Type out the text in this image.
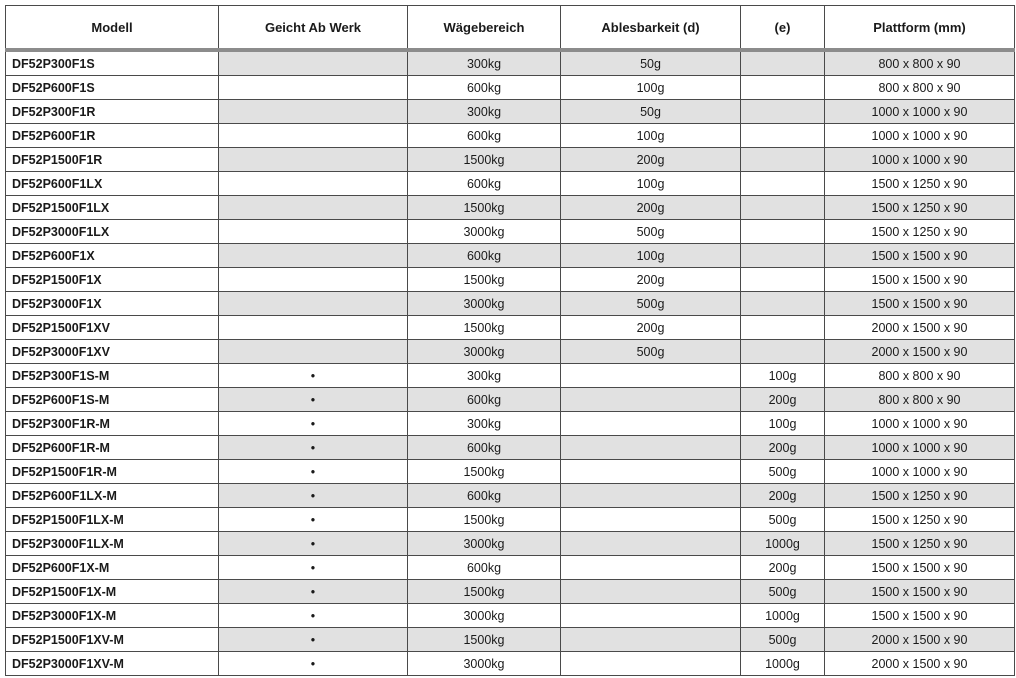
Modell	Geicht Ab Werk	Wägebereich	Ablesbarkeit (d)	(e)	Plattform (mm)
DF52P300F1S		300kg	50g		800 x 800 x 90
DF52P600F1S		600kg	100g		800 x 800 x 90
DF52P300F1R		300kg	50g		1000 x 1000 x 90
DF52P600F1R		600kg	100g		1000 x 1000 x 90
DF52P1500F1R		1500kg	200g		1000 x 1000 x 90
DF52P600F1LX		600kg	100g		1500 x 1250 x 90
DF52P1500F1LX		1500kg	200g		1500 x 1250 x 90
DF52P3000F1LX		3000kg	500g		1500 x 1250 x 90
DF52P600F1X		600kg	100g		1500 x 1500 x 90
DF52P1500F1X		1500kg	200g		1500 x 1500 x 90
DF52P3000F1X		3000kg	500g		1500 x 1500 x 90
DF52P1500F1XV		1500kg	200g		2000 x 1500 x 90
DF52P3000F1XV		3000kg	500g		2000 x 1500 x 90
DF52P300F1S-M	•	300kg		100g	800 x 800 x 90
DF52P600F1S-M	•	600kg		200g	800 x 800 x 90
DF52P300F1R-M	•	300kg		100g	1000 x 1000 x 90
DF52P600F1R-M	•	600kg		200g	1000 x 1000 x 90
DF52P1500F1R-M	•	1500kg		500g	1000 x 1000 x 90
DF52P600F1LX-M	•	600kg		200g	1500 x 1250 x 90
DF52P1500F1LX-M	•	1500kg		500g	1500 x 1250 x 90
DF52P3000F1LX-M	•	3000kg		1000g	1500 x 1250 x 90
DF52P600F1X-M	•	600kg		200g	1500 x 1500 x 90
DF52P1500F1X-M	•	1500kg		500g	1500 x 1500 x 90
DF52P3000F1X-M	•	3000kg		1000g	1500 x 1500 x 90
DF52P1500F1XV-M	•	1500kg		500g	2000 x 1500 x 90
DF52P3000F1XV-M	•	3000kg		1000g	2000 x 1500 x 90
